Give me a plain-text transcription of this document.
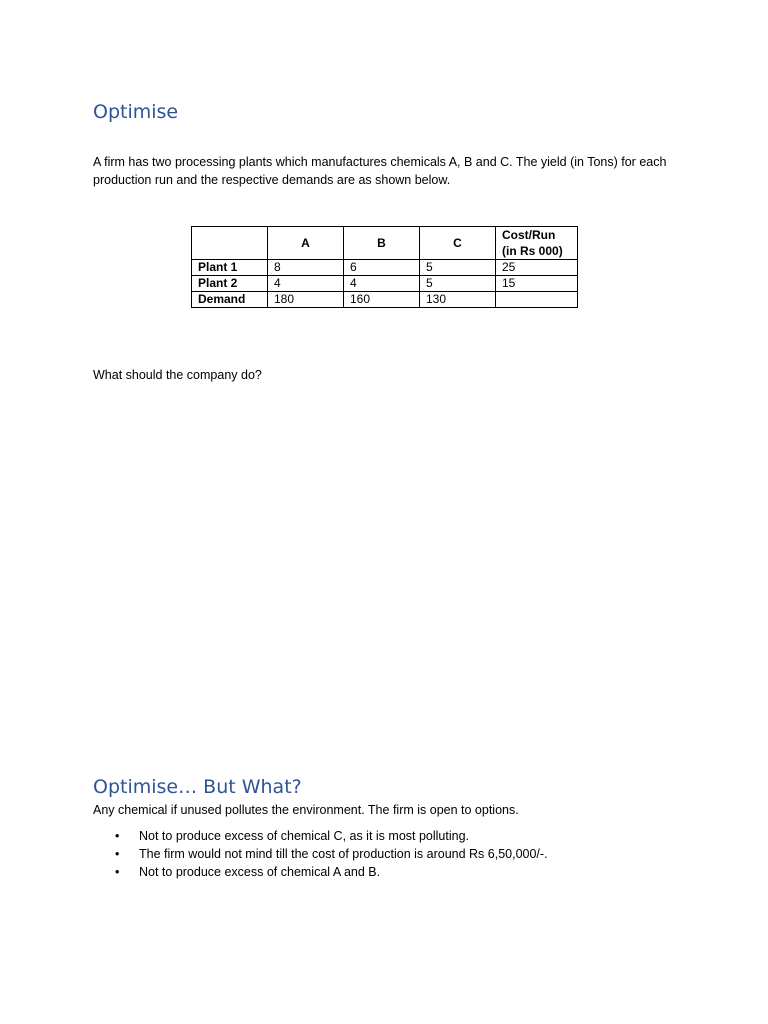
Optimise

A firm has two processing plants which manufactures chemicals A, B and C. The yield (in Tons) for each production run and the respective demands are as shown below.

	A	B	C	Cost/Run
(in Rs 000)
Plant 1	8	6	5	25
Plant 2	4	4	5	15
Demand	180	160	130	

What should the company do?

Optimise… But What?

Any chemical if unused pollutes the environment. The firm is open to options.

• Not to produce excess of chemical C, as it is most polluting.
• The firm would not mind till the cost of production is around Rs 6,50,000/-.
• Not to produce excess of chemical A and B.
